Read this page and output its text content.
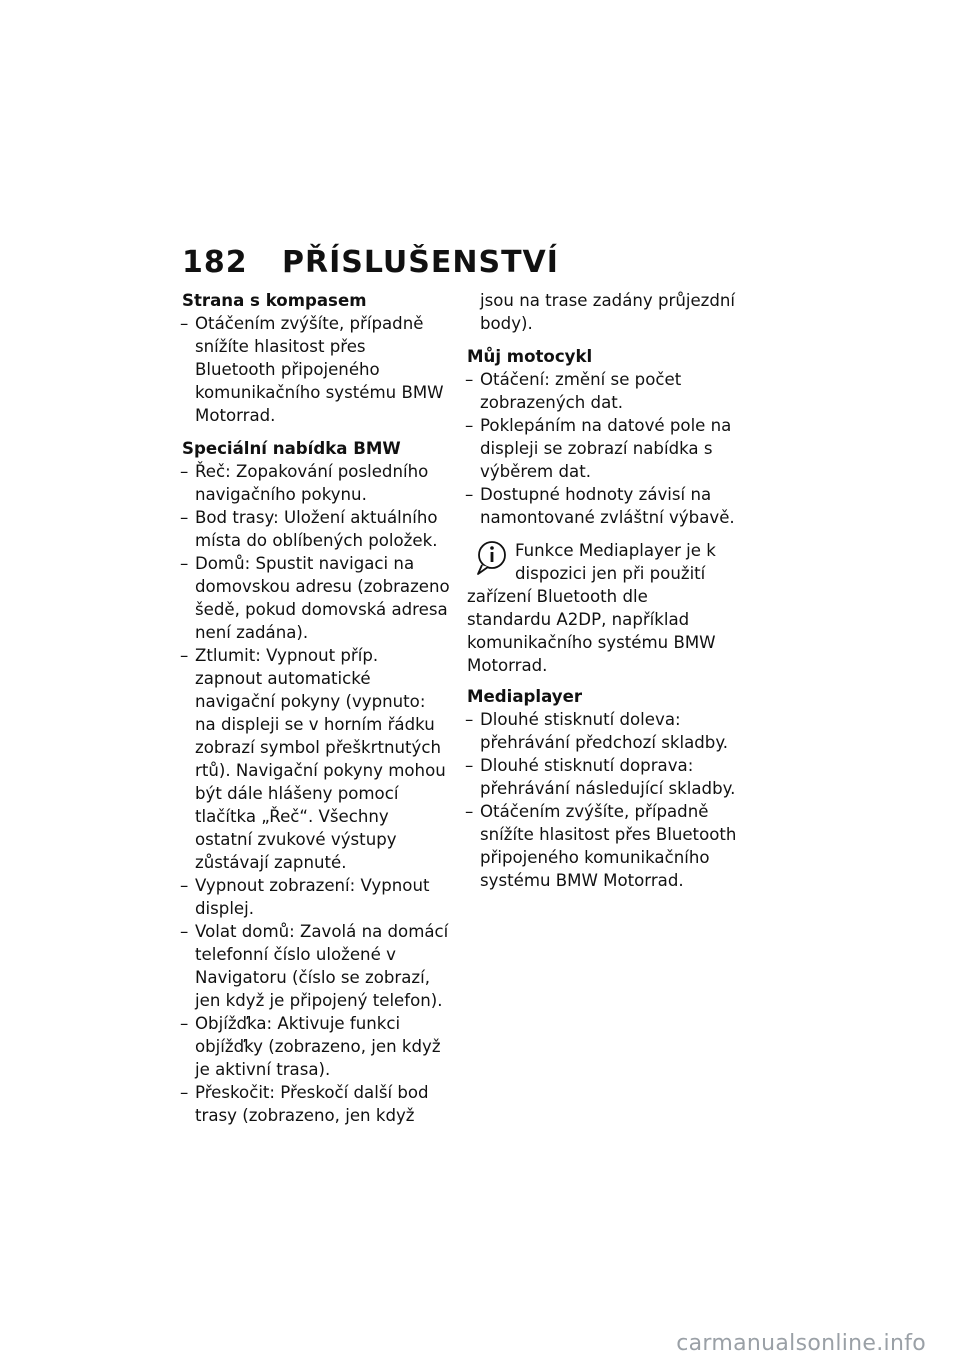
182 PŘÍSLUŠENSTVÍ
Strana s kompasem
– Otáčením zvýšíte, případně snížíte hlasitost přes Bluetooth připojeného komunikačního systému BMW Motorrad.
Speciální nabídka BMW
– Řeč: Zopakování posledního navigačního pokynu.
– Bod trasy: Uložení aktuálního místa do oblíbených položek.
– Domů: Spustit navigaci na domovskou adresu (zobrazeno šedě, pokud domovská adresa není zadána).
– Ztlumit: Vypnout příp. zapnout automatické navigační pokyny (vypnuto: na displeji se v horním řádku zobrazí symbol přeškrtnutých rtů). Navigační pokyny mohou být dále hlášeny pomocí tlačítka „Řeč“. Všechny ostatní zvukové výstupy zůstávají zapnuté.
– Vypnout zobrazení: Vypnout displej.
– Volat domů: Zavolá na domácí telefonní číslo uložené v Navigatoru (číslo se zobrazí, jen když je připojený telefon).
– Objížďka: Aktivuje funkci objížďky (zobrazeno, jen když je aktivní trasa).
– Přeskočit: Přeskočí další bod trasy (zobrazeno, jen když
jsou na trase zadány průjezdní body).
Můj motocykl
– Otáčení: změní se počet zobrazených dat.
– Poklepáním na datové pole na displeji se zobrazí nabídka s výběrem dat.
– Dostupné hodnoty závisí na namontované zvláštní výbavě.
Funkce Mediaplayer je k dispozici jen při použití zařízení Bluetooth dle standardu A2DP, například komunikačního systému BMW Motorrad.
Mediaplayer
– Dlouhé stisknutí doleva: přehrávání předchozí skladby.
– Dlouhé stisknutí doprava: přehrávání následující skladby.
– Otáčením zvýšíte, případně snížíte hlasitost přes Bluetooth připojeného komunikačního systému BMW Motorrad.
carmanualsonline.info
